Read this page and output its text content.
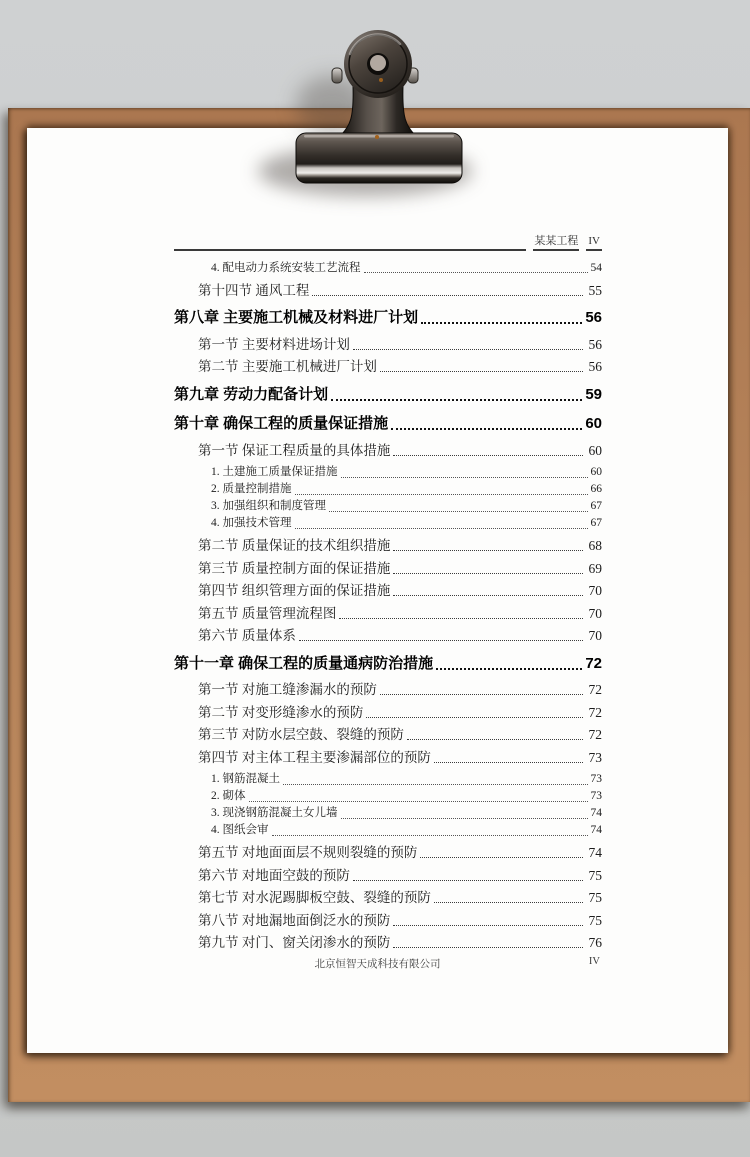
某某工程 IV
4. 配电动力系统安装工艺流程	54
第十四节 通风工程	55
第八章 主要施工机械及材料进厂计划	56
第一节 主要材料进场计划	56
第二节 主要施工机械进厂计划	56
第九章 劳动力配备计划	59
第十章 确保工程的质量保证措施	60
第一节 保证工程质量的具体措施	60
1. 土建施工质量保证措施	60
2. 质量控制措施	66
3. 加强组织和制度管理	67
4. 加强技术管理	67
第二节 质量保证的技术组织措施	68
第三节 质量控制方面的保证措施	69
第四节 组织管理方面的保证措施	70
第五节 质量管理流程图	70
第六节 质量体系	70
第十一章 确保工程的质量通病防治措施	72
第一节 对施工缝渗漏水的预防	72
第二节 对变形缝渗水的预防	72
第三节 对防水层空鼓、裂缝的预防	72
第四节 对主体工程主要渗漏部位的预防	73
1. 钢筋混凝土	73
2. 砌体	73
3. 现浇钢筋混凝土女儿墙	74
4. 图纸会审	74
第五节 对地面面层不规则裂缝的预防	74
第六节 对地面空鼓的预防	75
第七节 对水泥踢脚板空鼓、裂缝的预防	75
第八节 对地漏地面倒泛水的预防	75
第九节 对门、窗关闭渗水的预防	76
北京恒智天成科技有限公司	IV
